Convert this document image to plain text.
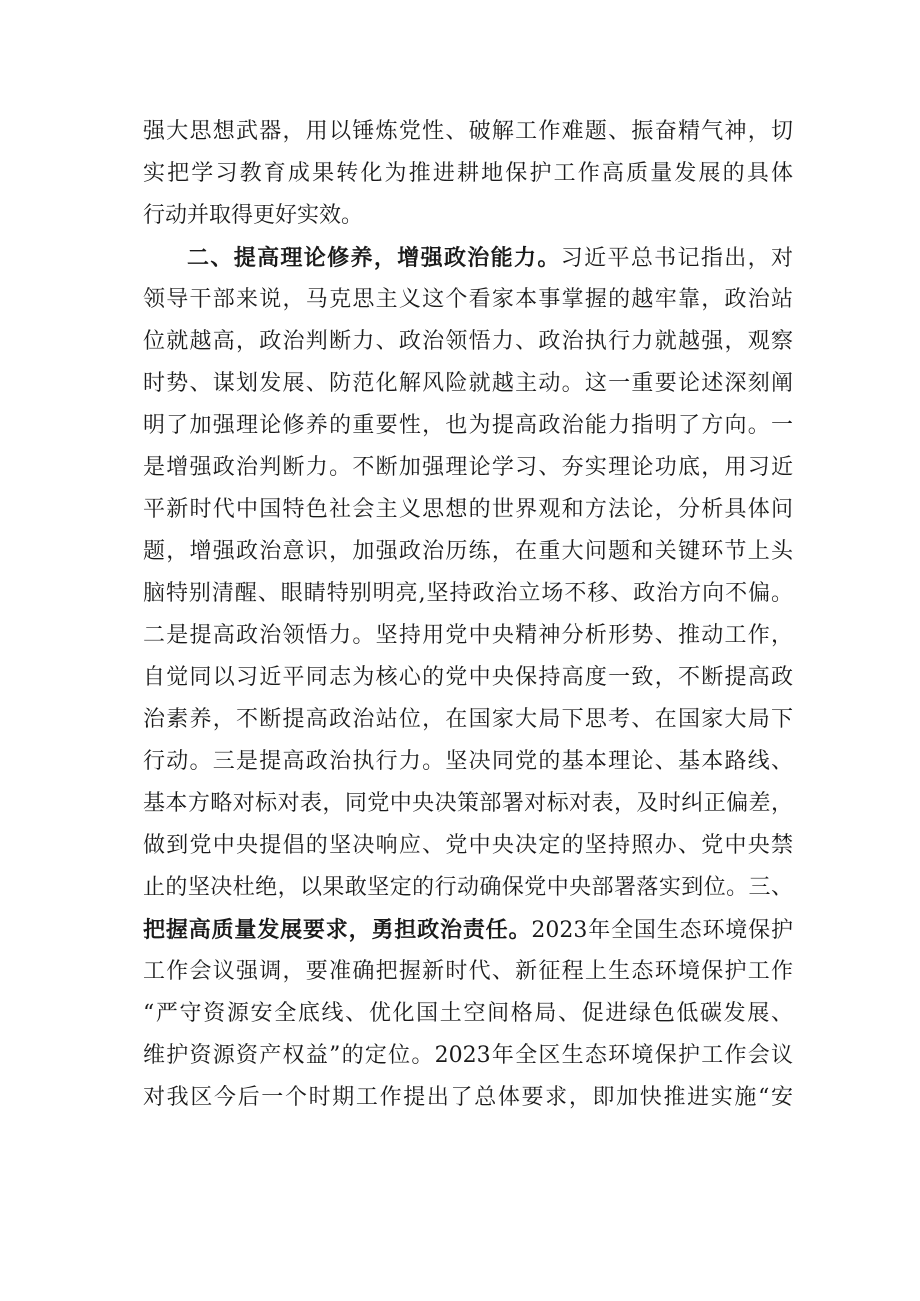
强大思想武器，用以锤炼党性、破解工作难题、振奋精气神，切
实把学习教育成果转化为推进耕地保护工作高质量发展的具体
行动并取得更好实效。
二、提高理论修养，增强政治能力。习近平总书记指出，对
领导干部来说，马克思主义这个看家本事掌握的越牢靠，政治站
位就越高，政治判断力、政治领悟力、政治执行力就越强，观察
时势、谋划发展、防范化解风险就越主动。这一重要论述深刻阐
明了加强理论修养的重要性，也为提高政治能力指明了方向。一
是增强政治判断力。不断加强理论学习、夯实理论功底，用习近
平新时代中国特色社会主义思想的世界观和方法论，分析具体问
题，增强政治意识，加强政治历练，在重大问题和关键环节上头
脑特别清醒、眼睛特别明亮,坚持政治立场不移、政治方向不偏。
二是提高政治领悟力。坚持用党中央精神分析形势、推动工作，
自觉同以习近平同志为核心的党中央保持高度一致，不断提高政
治素养，不断提高政治站位，在国家大局下思考、在国家大局下
行动。三是提高政治执行力。坚决同党的基本理论、基本路线、
基本方略对标对表，同党中央决策部署对标对表，及时纠正偏差，
做到党中央提倡的坚决响应、党中央决定的坚持照办、党中央禁
止的坚决杜绝，以果敢坚定的行动确保党中央部署落实到位。三、
把握高质量发展要求，勇担政治责任。2023年全国生态环境保护
工作会议强调，要准确把握新时代、新征程上生态环境保护工作
“严守资源安全底线、优化国土空间格局、促进绿色低碳发展、
维护资源资产权益”的定位。2023年全区生态环境保护工作会议
对我区今后一个时期工作提出了总体要求，即加快推进实施“安
